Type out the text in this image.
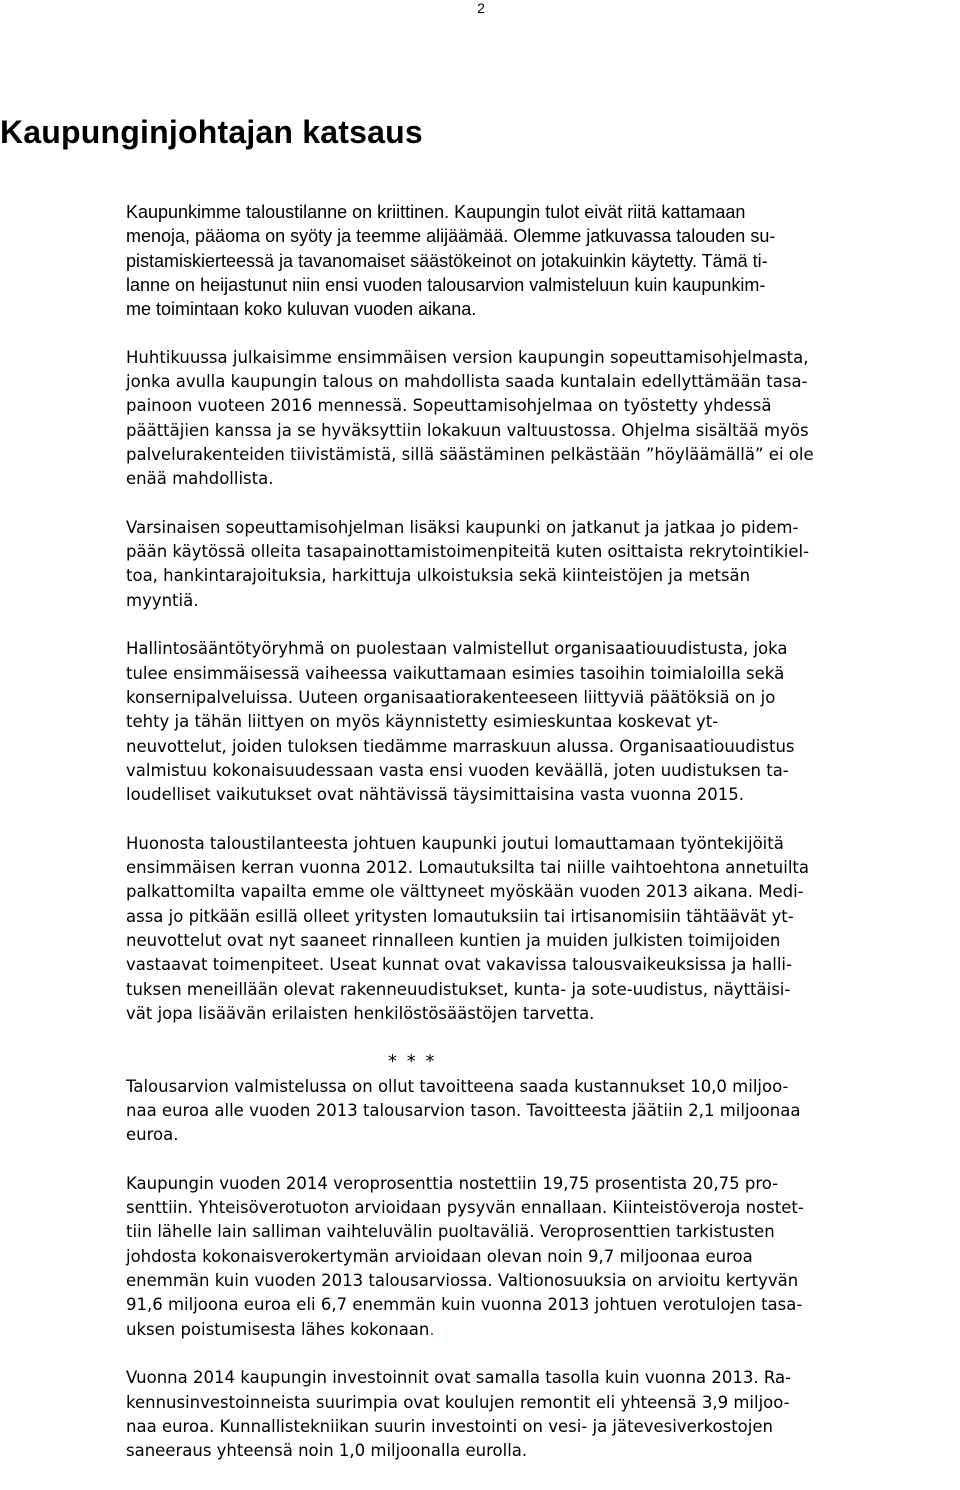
2
Kaupunginjohtajan katsaus

Kaupunkimme taloustilanne on kriittinen. Kaupungin tulot eivät riitä kattamaan
menoja, pääoma on syöty ja teemme alijäämää. Olemme jatkuvassa talouden su-
pistamiskierteessä ja tavanomaiset säästökeinot on jotakuinkin käytetty. Tämä ti-
lanne on heijastunut niin ensi vuoden talousarvion valmisteluun kuin kaupunkim-
me toimintaan koko kuluvan vuoden aikana.

Huhtikuussa julkaisimme ensimmäisen version kaupungin sopeuttamisohjelmasta,
jonka avulla kaupungin talous on mahdollista saada kuntalain edellyttämään tasa-
painoon vuoteen 2016 mennessä. Sopeuttamisohjelmaa on työstetty yhdessä
päättäjien kanssa ja se hyväksyttiin lokakuun valtuustossa. Ohjelma sisältää myös
palvelurakenteiden tiivistämistä, sillä säästäminen pelkästään ”höyläämällä” ei ole
enää mahdollista.

Varsinaisen sopeuttamisohjelman lisäksi kaupunki on jatkanut ja jatkaa jo pidem-
pään käytössä olleita tasapainottamistoimenpiteitä kuten osittaista rekrytointikiel-
toa, hankintarajoituksia, harkittuja ulkoistuksia sekä kiinteistöjen ja metsän
myyntiä.

Hallintosääntötyöryhmä on puolestaan valmistellut organisaatiouudistusta, joka
tulee ensimmäisessä vaiheessa vaikuttamaan esimies tasoihin toimialoilla sekä
konsernipalveluissa. Uuteen organisaatiorakenteeseen liittyviä päätöksiä on jo
tehty ja tähän liittyen on myös käynnistetty esimieskuntaa koskevat yt-
neuvottelut, joiden tuloksen tiedämme marraskuun alussa. Organisaatiouudistus
valmistuu kokonaisuudessaan vasta ensi vuoden keväällä, joten uudistuksen ta-
loudelliset vaikutukset ovat nähtävissä täysimittaisina vasta vuonna 2015.

Huonosta taloustilanteesta johtuen kaupunki joutui lomauttamaan työntekijöitä
ensimmäisen kerran vuonna 2012. Lomautuksilta tai niille vaihtoehtona annetuilta
palkattomilta vapailta emme ole välttyneet myöskään vuoden 2013 aikana. Medi-
assa jo pitkään esillä olleet yritysten lomautuksiin tai irtisanomisiin tähtäävät yt-
neuvottelut ovat nyt saaneet rinnalleen kuntien ja muiden julkisten toimijoiden
vastaavat toimenpiteet. Useat kunnat ovat vakavissa talousvaikeuksissa ja halli-
tuksen meneillään olevat rakenneuudistukset, kunta- ja sote-uudistus, näyttäisi-
vät jopa lisäävän erilaisten henkilöstösäästöjen tarvetta.

* * *

Talousarvion valmistelussa on ollut tavoitteena saada kustannukset 10,0 miljoo-
naa euroa alle vuoden 2013 talousarvion tason. Tavoitteesta jäätiin 2,1 miljoonaa
euroa.

Kaupungin vuoden 2014 veroprosenttia nostettiin 19,75 prosentista 20,75 pro-
senttiin. Yhteisöverotuoton arvioidaan pysyvän ennallaan. Kiinteistöveroja nostet-
tiin lähelle lain salliman vaihteluvälin puoltaväliä. Veroprosenttien tarkistusten
johdosta kokonaisverokertymän arvioidaan olevan noin 9,7 miljoonaa euroa
enemmän kuin vuoden 2013 talousarviossa. Valtionosuuksia on arvioitu kertyvän
91,6 miljoona euroa eli 6,7 enemmän kuin vuonna 2013 johtuen verotulojen tasa-
uksen poistumisesta lähes kokonaan.

Vuonna 2014 kaupungin investoinnit ovat samalla tasolla kuin vuonna 2013. Ra-
kennusinvestoinneista suurimpia ovat koulujen remontit eli yhteensä 3,9 miljoo-
naa euroa. Kunnallistekniikan suurin investointi on vesi- ja jätevesiverkostojen
saneeraus yhteensä noin 1,0 miljoonalla eurolla.
